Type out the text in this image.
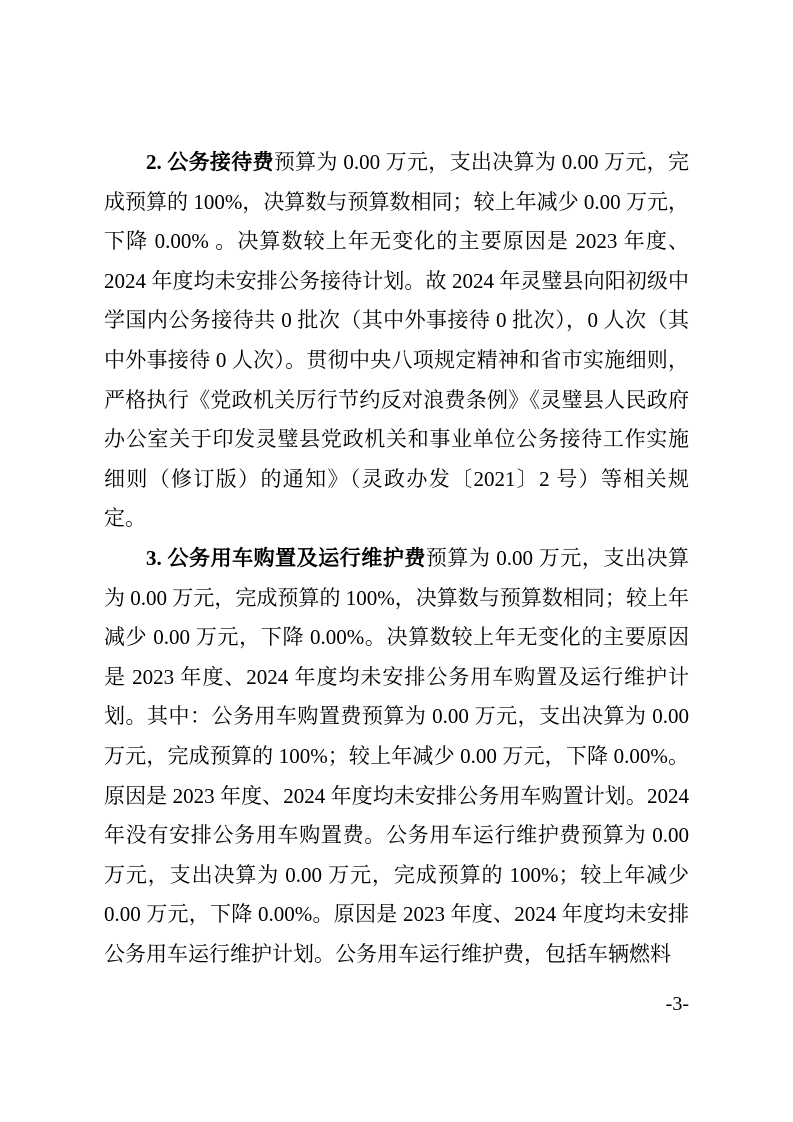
2. 公务接待费预算为 0.00 万元，支出决算为 0.00 万元，完成预算的 100%，决算数与预算数相同；较上年减少 0.00 万元，下降 0.00% 。决算数较上年无变化的主要原因是 2023 年度、2024 年度均未安排公务接待计划。故 2024 年灵璧县向阳初级中学国内公务接待共 0 批次（其中外事接待 0 批次），0 人次（其中外事接待 0 人次）。贯彻中央八项规定精神和省市实施细则，严格执行《党政机关厉行节约反对浪费条例》《灵璧县人民政府办公室关于印发灵璧县党政机关和事业单位公务接待工作实施细则（修订版）的通知》（灵政办发〔2021〕2 号）等相关规定。

3. 公务用车购置及运行维护费预算为 0.00 万元，支出决算为 0.00 万元，完成预算的 100%，决算数与预算数相同；较上年减少 0.00 万元，下降 0.00%。决算数较上年无变化的主要原因是 2023 年度、2024 年度均未安排公务用车购置及运行维护计划。其中：公务用车购置费预算为 0.00 万元，支出决算为 0.00 万元，完成预算的 100%；较上年减少 0.00 万元，下降 0.00%。原因是 2023 年度、2024 年度均未安排公务用车购置计划。2024 年没有安排公务用车购置费。公务用车运行维护费预算为 0.00 万元，支出决算为 0.00 万元，完成预算的 100%；较上年减少 0.00 万元，下降 0.00%。原因是 2023 年度、2024 年度均未安排公务用车运行维护计划。公务用车运行维护费，包括车辆燃料

-3-
